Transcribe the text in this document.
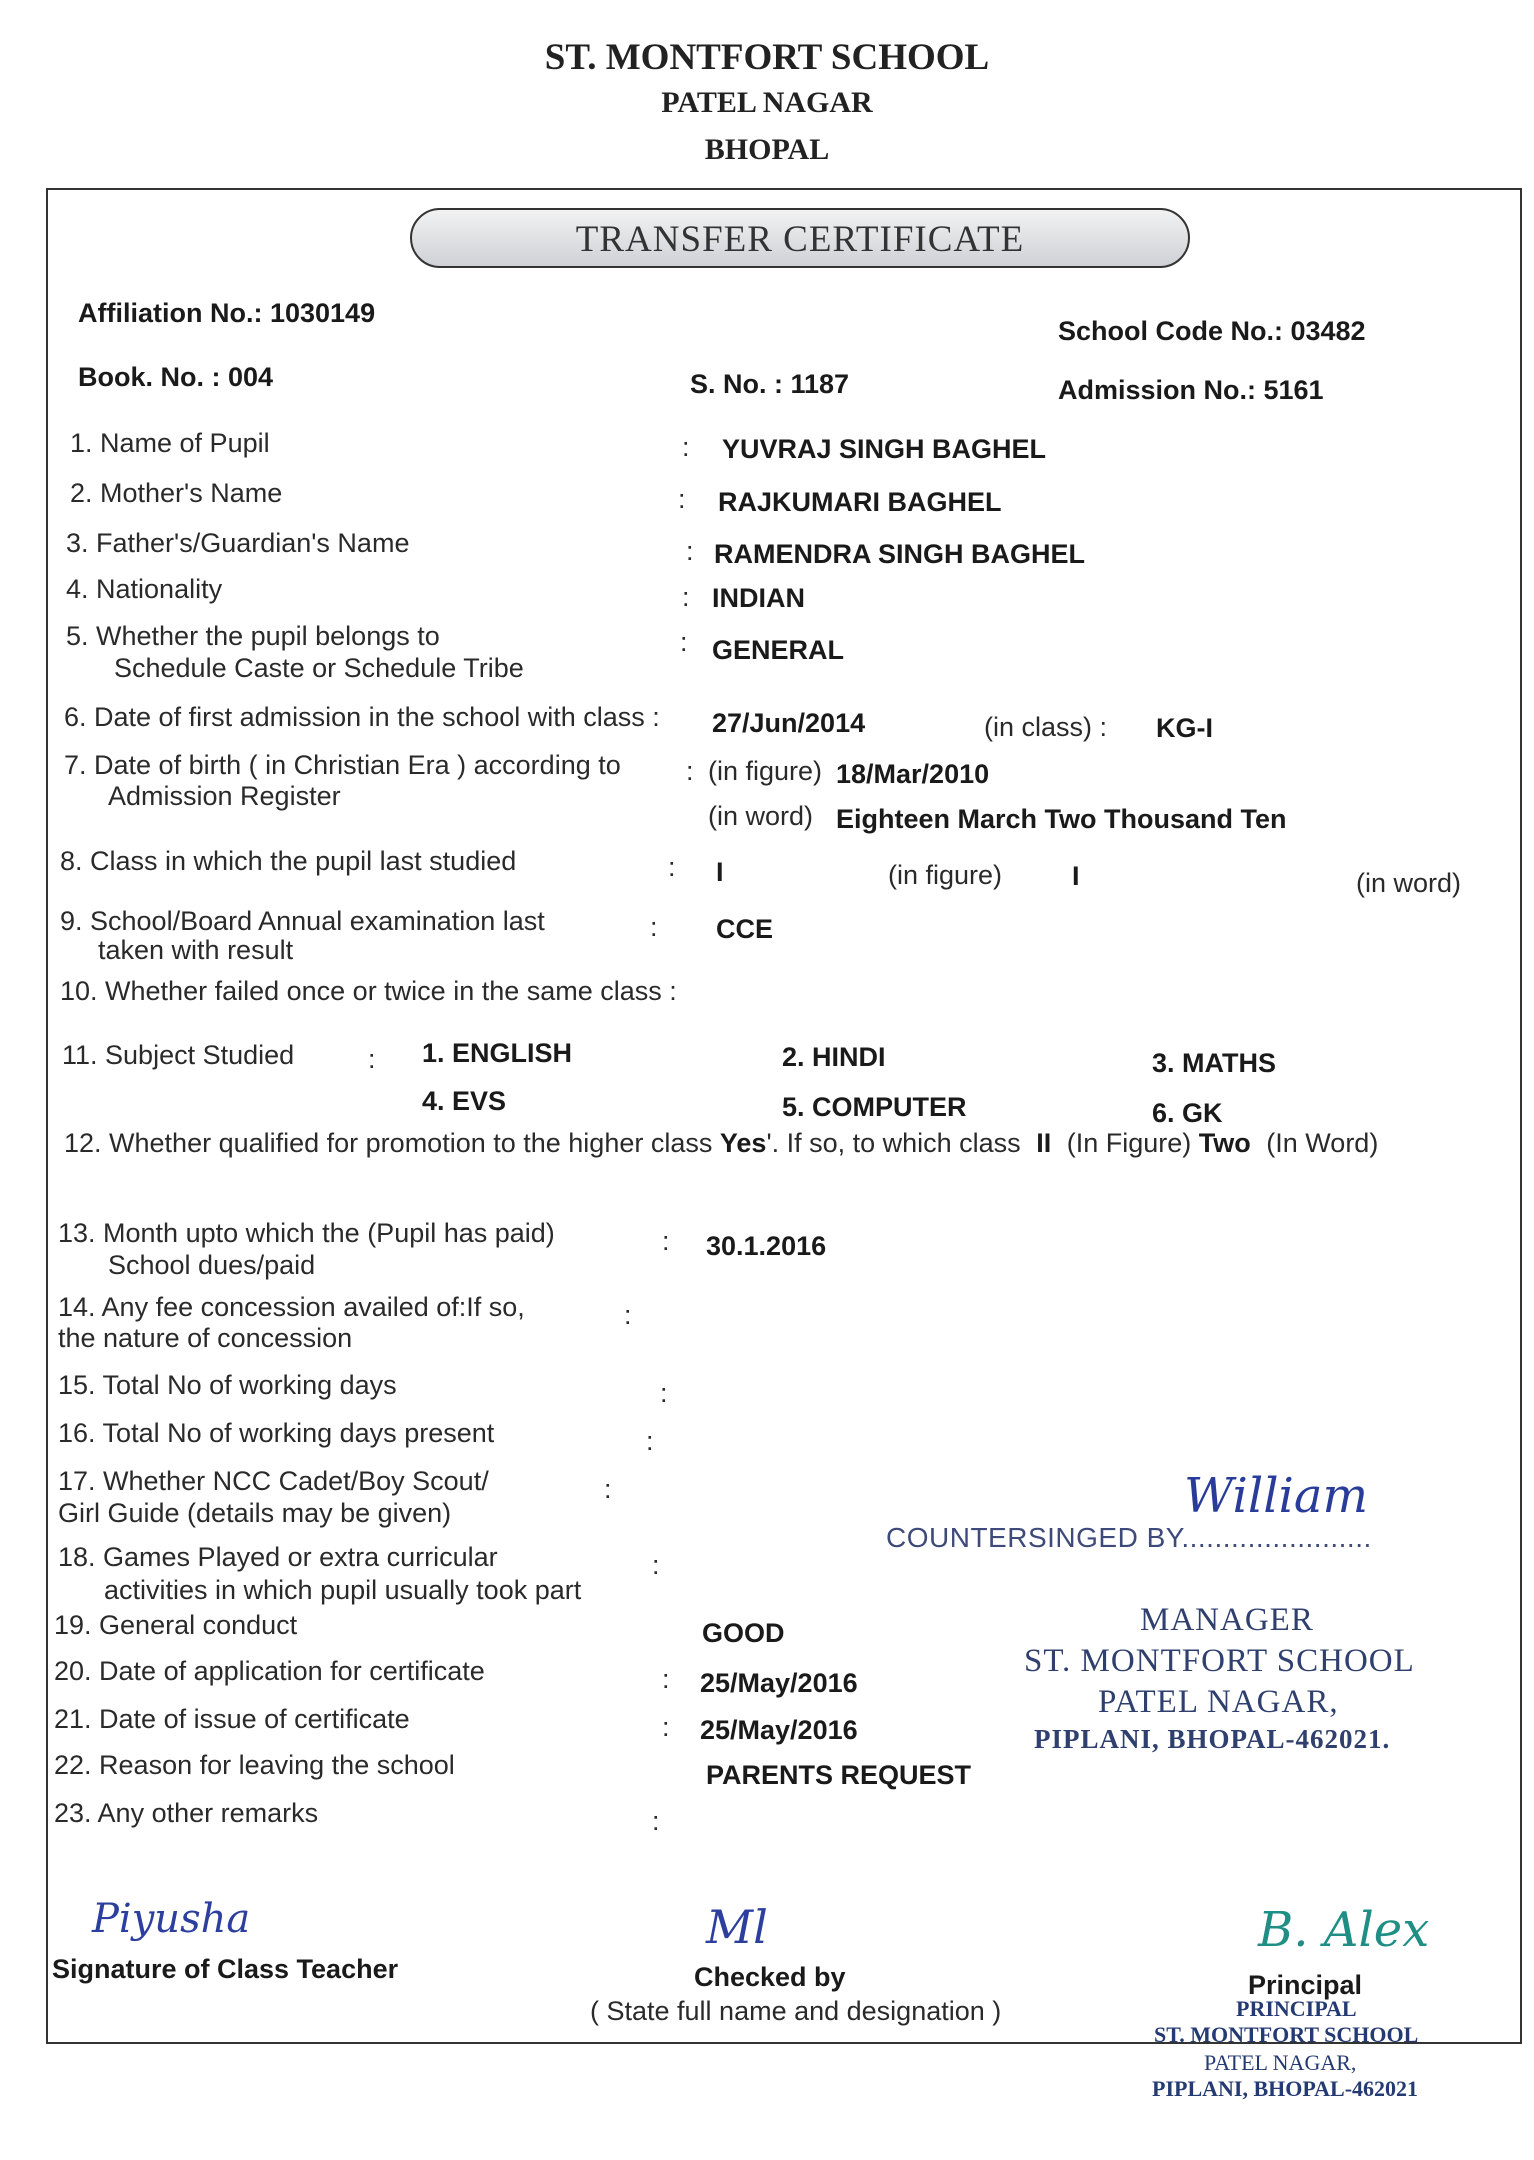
ST. MONTFORT SCHOOL
PATEL NAGAR
BHOPAL
TRANSFER CERTIFICATE
Affiliation No.: 1030149
School Code No.: 03482
Book. No. : 004	S. No. : 1187	Admission No.: 5161
1. Name of Pupil	: YUVRAJ SINGH BAGHEL
2. Mother's Name	: RAJKUMARI BAGHEL
3. Father's/Guardian's Name	: RAMENDRA SINGH BAGHEL
4. Nationality	: INDIAN
5. Whether the pupil belongs to
Schedule Caste or Schedule Tribe
: GENERAL
6. Date of first admission in the school with class : 27/Jun/2014	(in class) : KG-I
7. Date of birth ( in Christian Era ) according to
Admission Register
: (in figure) 18/Mar/2010
(in word) Eighteen March Two Thousand Ten
8. Class in which the pupil last studied	: I	(in figure)	I	(in word)
9. School/Board Annual examination last
taken with result
: CCE
10. Whether failed once or twice in the same class :
11. Subject Studied	: 1. ENGLISH	2. HINDI	3. MATHS
4. EVS	5. COMPUTER	6. GK
12. Whether qualified for promotion to the higher class Yes'. If so, to which class II (In Figure) Two (In Word)
13. Month upto which the (Pupil has paid)
School dues/paid
: 30.1.2016
14. Any fee concession availed of:If so,
the nature of concession
:
15. Total No of working days	:
16. Total No of working days present	:
17. Whether NCC Cadet/Boy Scout/
Girl Guide (details may be given)
:
18. Games Played or extra curricular
activities in which pupil usually took part
:
19. General conduct	GOOD
20. Date of application for certificate	: 25/May/2016
21. Date of issue of certificate	: 25/May/2016
22. Reason for leaving the school	PARENTS REQUEST
23. Any other remarks	:
COUNTERSINGED BY.......................
William
MANAGER
ST. MONTFORT SCHOOL
PATEL NAGAR,
PIPLANI, BHOPAL-462021.
Piyusha
Signature of Class Teacher
Ml
Checked by
( State full name and designation )
B. Alex
Principal
PRINCIPAL
ST. MONTFORT SCHOOL
PATEL NAGAR,
PIPLANI, BHOPAL-462021
